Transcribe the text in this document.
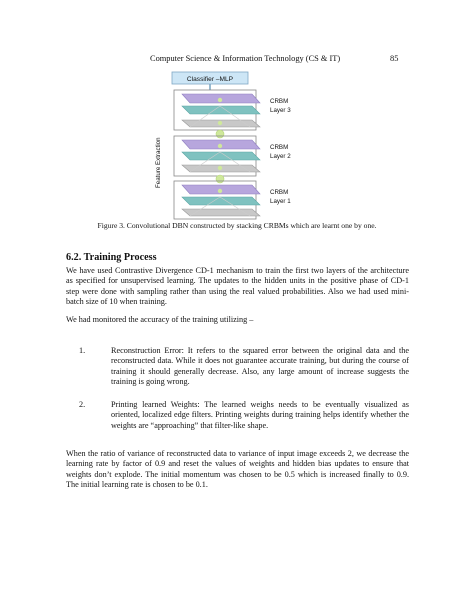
Computer Science & Information Technology (CS & IT)	85
Classifier –MLP
Feature Extraction
CRBM
Layer 3
CRBM
Layer 2
CRBM
Layer 1
Figure 3. Convolutional DBN constructed by stacking CRBMs which are learnt one by one.
6.2. Training Process
We have used Contrastive Divergence CD-1 mechanism to train the first two layers of the architecture as specified for unsupervised learning. The updates to the hidden units in the positive phase of CD-1 step were done with sampling rather than using the real valued probabilities. Also we had used mini-batch size of 10 when training.
We had monitored the accuracy of the training utilizing –
1.	Reconstruction Error: It refers to the squared error between the original data and the reconstructed data. While it does not guarantee accurate training, but during the course of training it should generally decrease. Also, any large amount of increase suggests the training is going wrong.
2.	Printing learned Weights: The learned weighs needs to be eventually visualized as oriented, localized edge filters. Printing weights during training helps identify whether the weights are “approaching” that filter-like shape.
When the ratio of variance of reconstructed data to variance of input image exceeds 2, we decrease the learning rate by factor of 0.9 and reset the values of weights and hidden bias updates to ensure that weights don’t explode. The initial momentum was chosen to be 0.5 which is increased finally to 0.9. The initial learning rate is chosen to be 0.1.
